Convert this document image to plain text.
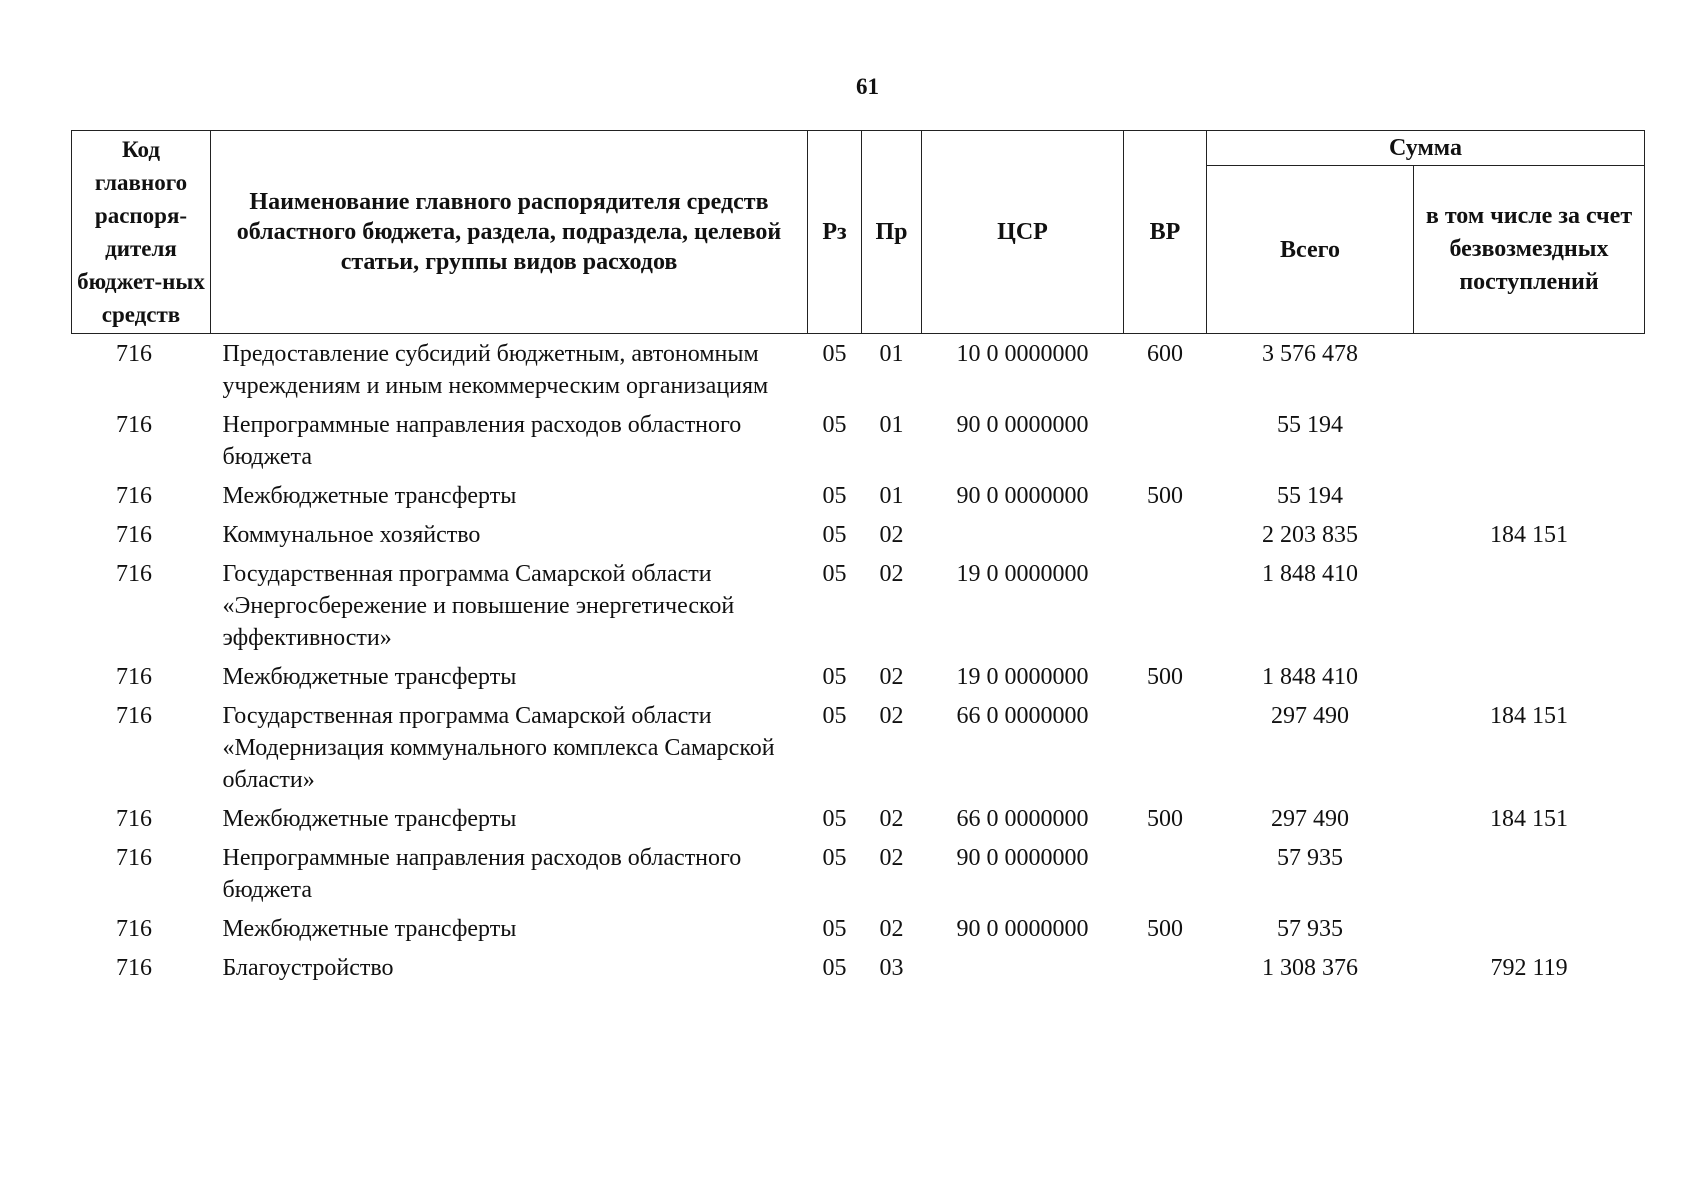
61
Код главного распоря-дителя бюджет-ных средств	Наименование главного распорядителя средств областного бюджета, раздела, подраздела, целевой статьи, группы видов расходов	Рз	Пр	ЦСР	ВР	Сумма	
						Всего	в том числе за счет безвозмездных поступлений
716	Предоставление субсидий бюджетным, автономным учреждениям и иным некоммерческим организациям	05	01	10 0 0000000	600	3 576 478	
716	Непрограммные направления расходов областного бюджета	05	01	90 0 0000000		55 194	
716	Межбюджетные трансферты	05	01	90 0 0000000	500	55 194	
716	Коммунальное хозяйство	05	02			2 203 835	184 151
716	Государственная программа Самарской области «Энергосбережение и повышение энергетической эффективности»	05	02	19 0 0000000		1 848 410	
716	Межбюджетные трансферты	05	02	19 0 0000000	500	1 848 410	
716	Государственная программа Самарской области «Модернизация коммунального комплекса Самарской области»	05	02	66 0 0000000		297 490	184 151
716	Межбюджетные трансферты	05	02	66 0 0000000	500	297 490	184 151
716	Непрограммные направления расходов областного бюджета	05	02	90 0 0000000		57 935	
716	Межбюджетные трансферты	05	02	90 0 0000000	500	57 935	
716	Благоустройство	05	03			1 308 376	792 119
